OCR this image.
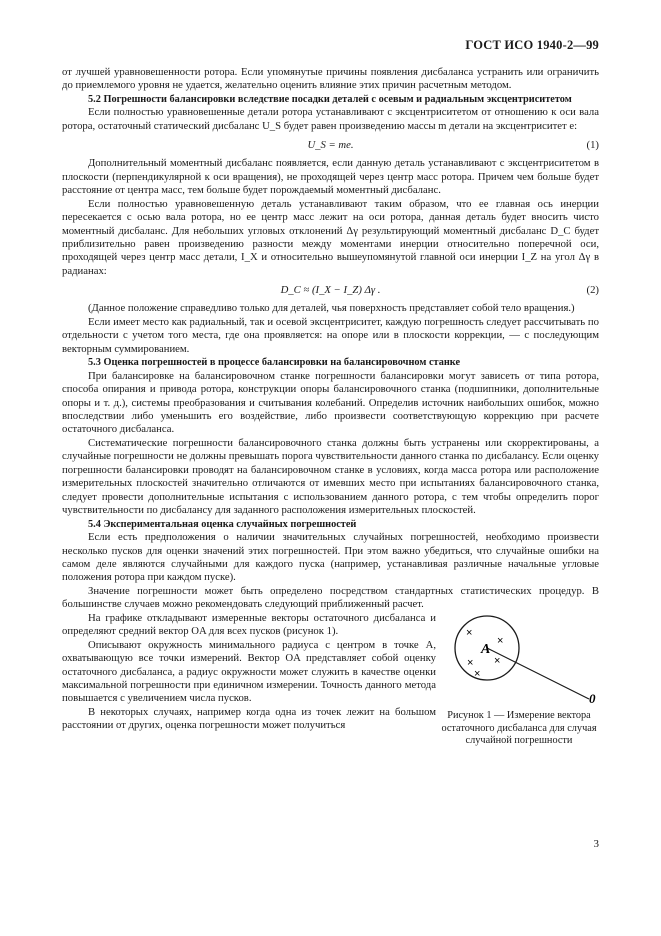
ГОСТ ИСО 1940-2—99

от лучшей уравновешенности ротора. Если упомянутые причины появления дисбаланса устранить или ограничить до приемлемого уровня не удается, желательно оценить влияние этих причин расчетным методом.

5.2 Погрешности балансировки вследствие посадки деталей с осевым и радиальным эксцентриситетом

Если полностью уравновешенные детали ротора устанавливают с эксцентриситетом от отношению к оси вала ротора, остаточный статический дисбаланс U_S будет равен произведению массы m детали на эксцентриситет e:

U_S = me.	(1)

Дополнительный моментный дисбаланс появляется, если данную деталь устанавливают с эксцентриситетом в плоскости (перпендикулярной к оси вращения), не проходящей через центр масс ротора. Причем чем больше будет расстояние от центра масс, тем больше будет порождаемый моментный дисбаланс.

Если полностью уравновешенную деталь устанавливают таким образом, что ее главная ось инерции пересекается с осью вала ротора, но ее центр масс лежит на оси ротора, данная деталь будет вносить чисто моментный дисбаланс. Для небольших угловых отклонений Δγ результирующий моментный дисбаланс D_C будет приблизительно равен произведению разности между моментами инерции относительно поперечной оси, проходящей через центр масс детали, I_X и относительно вышеупомянутой главной оси инерции I_Z на угол Δγ в радианах:

D_C ≈ (I_X − I_Z) Δγ .	(2)

(Данное положение справедливо только для деталей, чья поверхность представляет собой тело вращения.)

Если имеет место как радиальный, так и осевой эксцентриситет, каждую погрешность следует рассчитывать по отдельности с учетом того места, где она проявляется: на опоре или в плоскости коррекции, — с последующим векторным суммированием.

5.3 Оценка погрешностей в процессе балансировки на балансировочном станке

При балансировке на балансировочном станке погрешности балансировки могут зависеть от типа ротора, способа опирания и привода ротора, конструкции опоры балансировочного станка (подшипники, дополнительные опоры и т. д.), системы преобразования и считывания колебаний. Определив источник наибольших ошибок, можно впоследствии либо уменьшить его воздействие, либо произвести соответствующую коррекцию при расчете остаточного дисбаланса.

Систематические погрешности балансировочного станка должны быть устранены или скорректированы, а случайные погрешности не должны превышать порога чувствительности данного станка по дисбалансу. Если оценку погрешности балансировки проводят на балансировочном станке в условиях, когда масса ротора или расположение измерительных плоскостей значительно отличаются от имевших место при испытаниях балансировочного станка, следует провести дополнительные испытания с использованием данного ротора, с тем чтобы определить порог чувствительности по дисбалансу для заданного расположения измерительных плоскостей.

5.4 Экспериментальная оценка случайных погрешностей

Если есть предположения о наличии значительных случайных погрешностей, необходимо произвести несколько пусков для оценки значений этих погрешностей. При этом важно убедиться, что случайные ошибки на самом деле являются случайными для каждого пуска (например, устанавливая различные начальные угловые положения ротора при каждом пуске).

Значение погрешности может быть определено посредством стандартных статистических процедур. В большинстве случаев можно рекомендовать следующий приближенный расчет.

A
0
×
×
×
×
×
Рисунок 1 — Измерение вектора остаточного дисбаланса для случая случайной погрешности

На графике откладывают измеренные векторы остаточного дисбаланса и определяют средний вектор OA для всех пусков (рисунок 1).

Описывают окружность минимального радиуса с центром в точке A, охватывающую все точки измерений. Вектор OA представляет собой оценку остаточного дисбаланса, а радиус окружности может служить в качестве оценки максимальной погрешности при единичном измерении. Точность данного метода повышается с увеличением числа пусков.

В некоторых случаях, например когда одна из точек лежит на большом расстоянии от других, оценка погрешности может получиться

3
